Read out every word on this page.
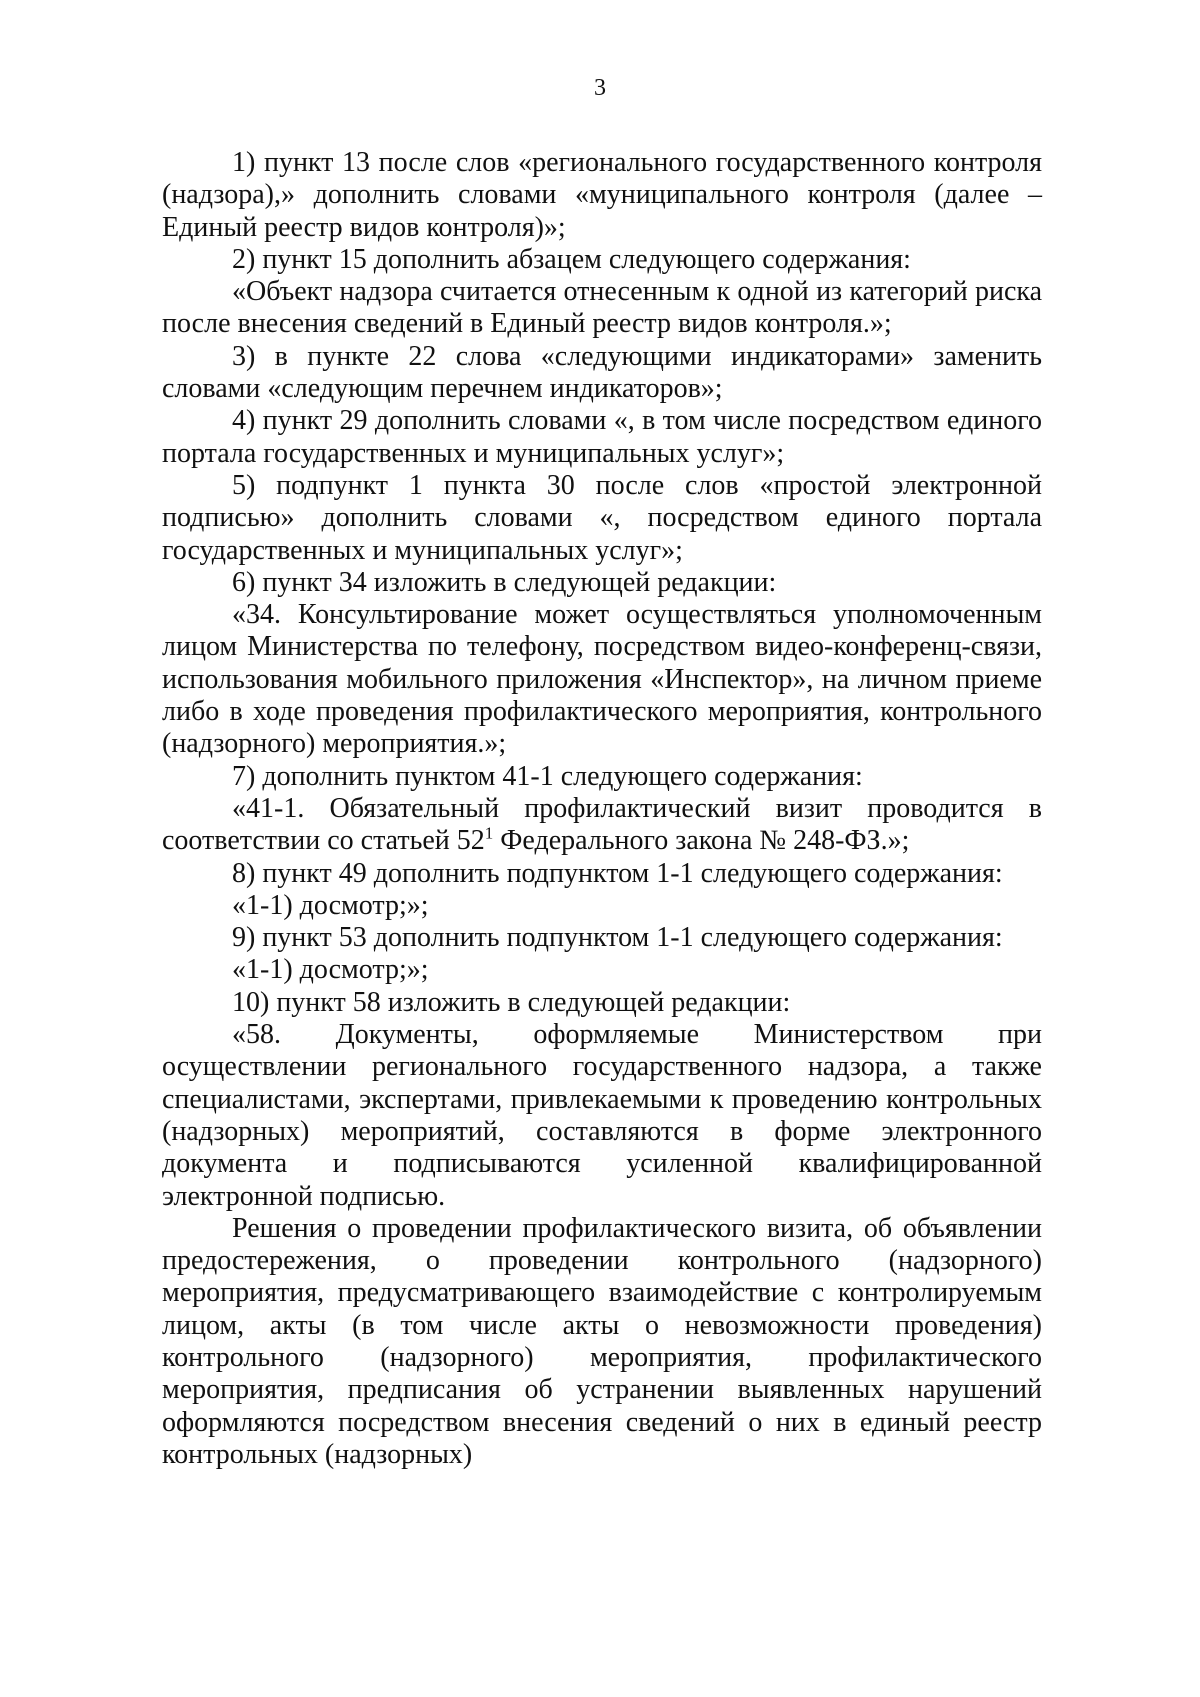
3

1) пункт 13 после слов «регионального государственного контроля (надзора),» дополнить словами «муниципального контроля (далее – Единый реестр видов контроля)»;

2) пункт 15 дополнить абзацем следующего содержания:

«Объект надзора считается отнесенным к одной из категорий риска после внесения сведений в Единый реестр видов контроля.»;

3) в пункте 22 слова «следующими индикаторами» заменить словами «следующим перечнем индикаторов»;

4) пункт 29 дополнить словами «, в том числе посредством единого портала государственных и муниципальных услуг»;

5) подпункт 1 пункта 30 после слов «простой электронной подписью» дополнить словами «, посредством единого портала государственных и муниципальных услуг»;

6) пункт 34 изложить в следующей редакции:

«34. Консультирование может осуществляться уполномоченным лицом Министерства по телефону, посредством видео-конференц-связи, использования мобильного приложения «Инспектор», на личном приеме либо в ходе проведения профилактического мероприятия, контрольного (надзорного) мероприятия.»;

7) дополнить пунктом 41-1 следующего содержания:

«41-1. Обязательный профилактический визит проводится в соответствии со статьей $52^1$ Федерального закона № 248-ФЗ.»;

8) пункт 49 дополнить подпунктом 1-1 следующего содержания:

«1-1) досмотр;»;

9) пункт 53 дополнить подпунктом 1-1 следующего содержания:

«1-1) досмотр;»;

10) пункт 58 изложить в следующей редакции:

«58. Документы, оформляемые Министерством при осуществлении регионального государственного надзора, а также специалистами, экспертами, привлекаемыми к проведению контрольных (надзорных) мероприятий, составляются в форме электронного документа и подписываются усиленной квалифицированной электронной подписью.

Решения о проведении профилактического визита, об объявлении предостережения, о проведении контрольного (надзорного) мероприятия, предусматривающего взаимодействие с контролируемым лицом, акты (в том числе акты о невозможности проведения) контрольного (надзорного) мероприятия, профилактического мероприятия, предписания об устранении выявленных нарушений оформляются посредством внесения сведений о них в единый реестр контрольных (надзорных)
